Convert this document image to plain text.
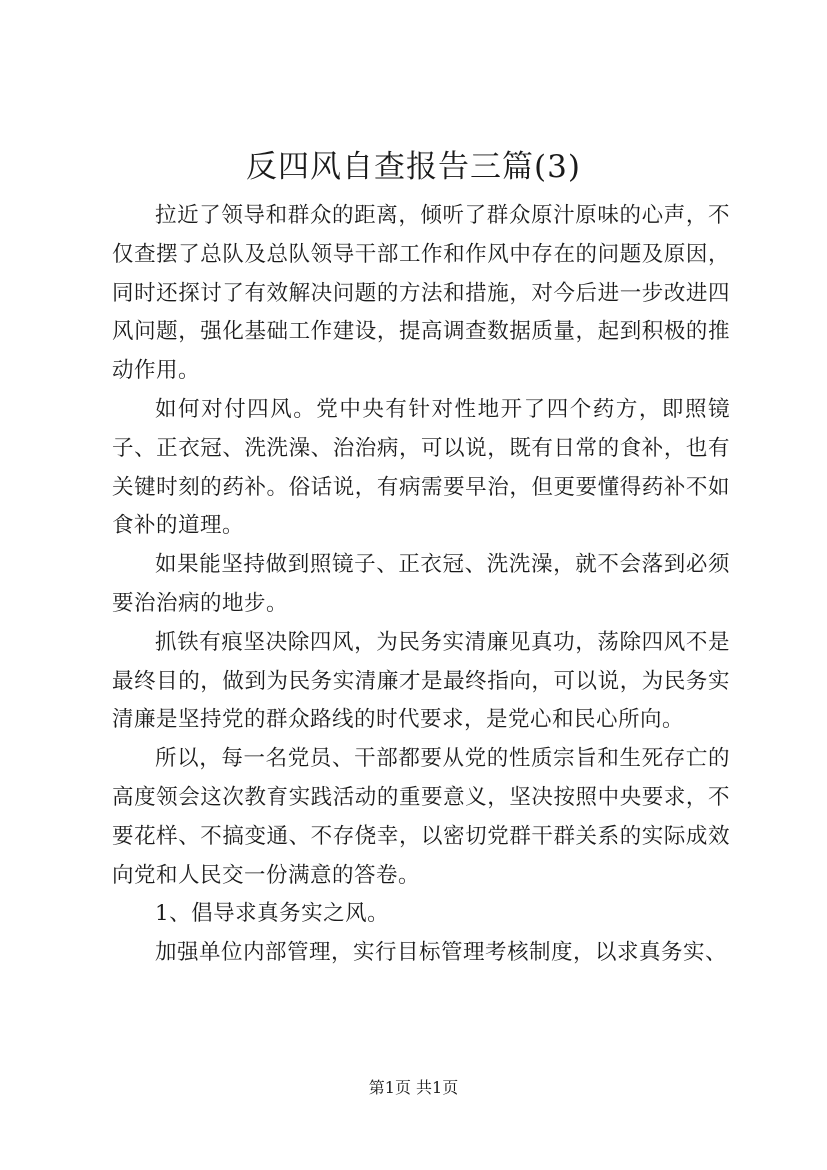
反四风自查报告三篇(3)

拉近了领导和群众的距离，倾听了群众原汁原味的心声，不仅查摆了总队及总队领导干部工作和作风中存在的问题及原因，同时还探讨了有效解决问题的方法和措施，对今后进一步改进四风问题，强化基础工作建设，提高调查数据质量，起到积极的推动作用。

如何对付四风。党中央有针对性地开了四个药方，即照镜子、正衣冠、洗洗澡、治治病，可以说，既有日常的食补，也有关键时刻的药补。俗话说，有病需要早治，但更要懂得药补不如食补的道理。

如果能坚持做到照镜子、正衣冠、洗洗澡，就不会落到必须要治治病的地步。

抓铁有痕坚决除四风，为民务实清廉见真功，荡除四风不是最终目的，做到为民务实清廉才是最终指向，可以说，为民务实清廉是坚持党的群众路线的时代要求，是党心和民心所向。

所以，每一名党员、干部都要从党的性质宗旨和生死存亡的高度领会这次教育实践活动的重要意义，坚决按照中央要求，不要花样、不搞变通、不存侥幸，以密切党群干群关系的实际成效向党和人民交一份满意的答卷。

1、倡导求真务实之风。

加强单位内部管理，实行目标管理考核制度，以求真务实、

第1页 共1页
